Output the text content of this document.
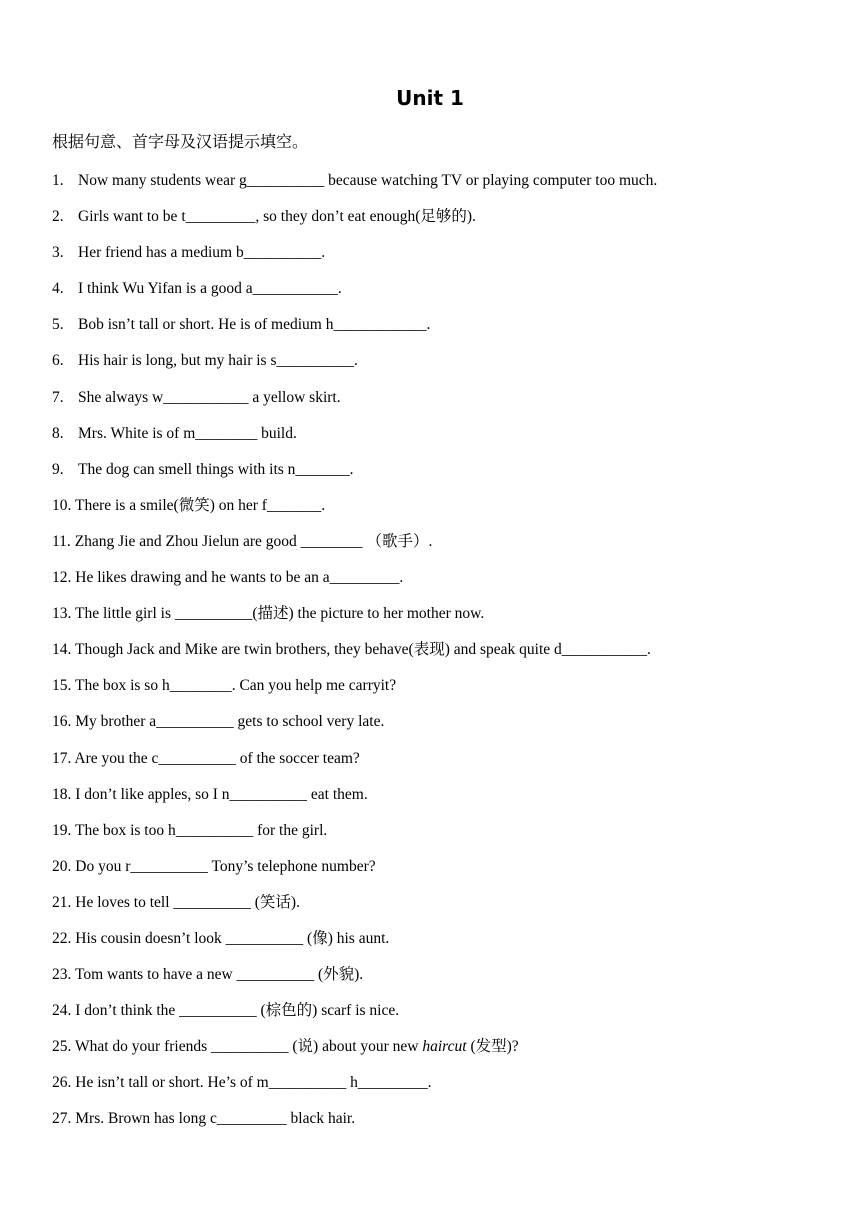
Unit 1
根据句意、首字母及汉语提示填空。
1. Now many students wear g__________ because watching TV or playing computer too much.
2. Girls want to be t_________, so they don’t eat enough(足够的).
3. Her friend has a medium b__________.
4. I think Wu Yifan is a good a___________.
5. Bob isn’t tall or short. He is of medium h____________.
6. His hair is long, but my hair is s__________.
7. She always w___________ a yellow skirt.
8. Mrs. White is of m________ build.
9. The dog can smell things with its n_______.
10. There is a smile(微笑) on her f_______.
11. Zhang Jie and Zhou Jielun are good ________ （歌手）.
12. He likes drawing and he wants to be an a_________.
13. The little girl is __________(描述) the picture to her mother now.
14. Though Jack and Mike are twin brothers, they behave(表现) and speak quite d___________.
15. The box is so h________. Can you help me carryit?
16. My brother a__________ gets to school very late.
17. Are you the c__________ of the soccer team?
18. I don’t like apples, so I n__________ eat them.
19. The box is too h__________ for the girl.
20. Do you r__________ Tony’s telephone number?
21. He loves to tell __________ (笑话).
22. His cousin doesn’t look __________ (像) his aunt.
23. Tom wants to have a new __________ (外貌).
24. I don’t think the __________ (棕色的) scarf is nice.
25. What do your friends __________ (说) about your new haircut (发型)?
26. He isn’t tall or short. He’s of m__________ h_________.
27. Mrs. Brown has long c_________ black hair.
